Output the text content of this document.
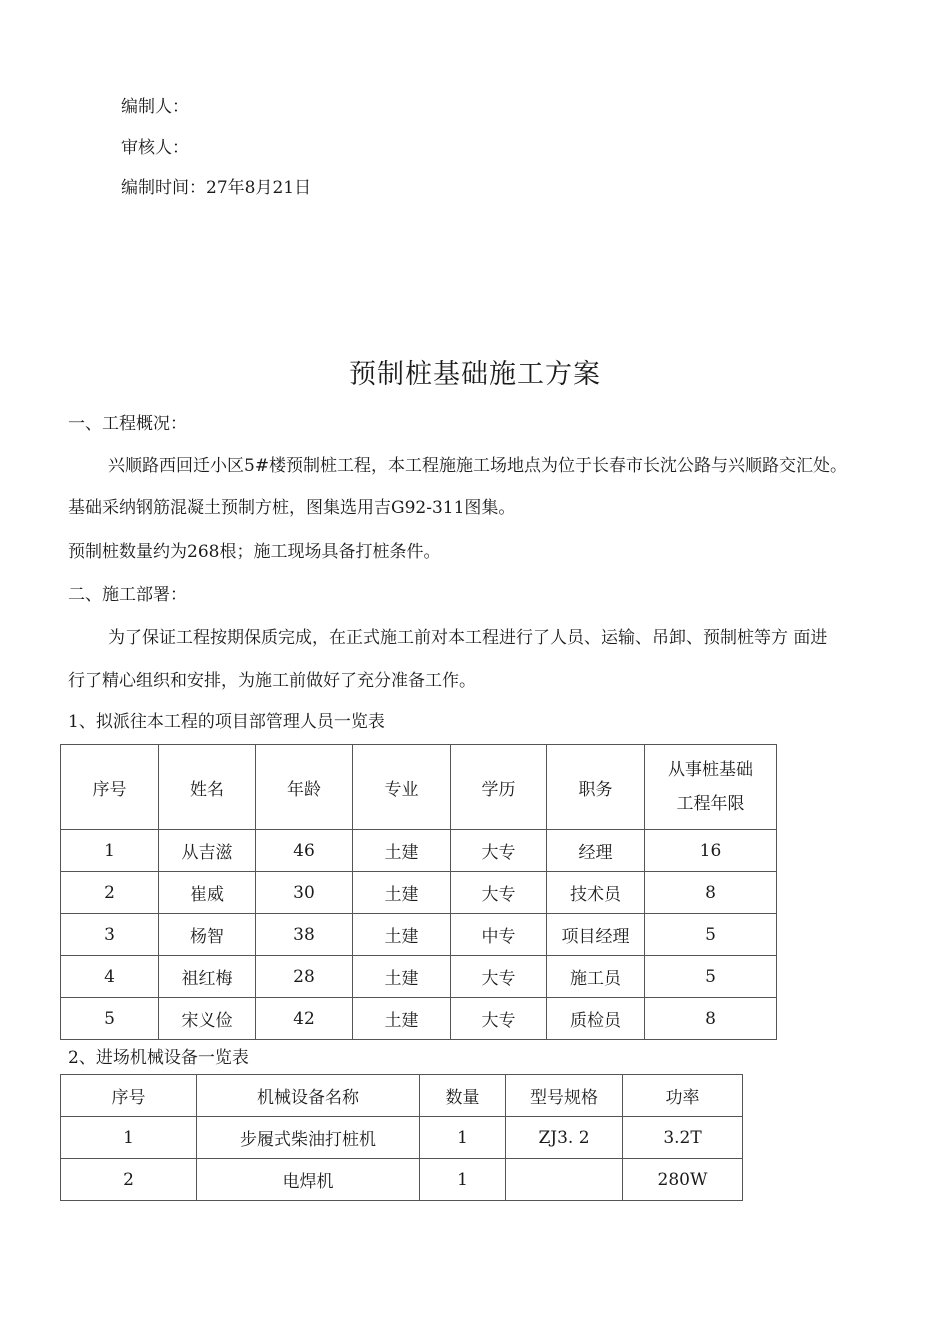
编制人：
审核人：
编制时间：27年8月21日
预制桩基础施工方案
一、工程概况：
兴顺路西回迁小区5#楼预制桩工程，本工程施施工场地点为位于长春市长沈公路与兴顺路交汇处。
基础采纳钢筋混凝土预制方桩，图集选用吉G92-311图集。
预制桩数量约为268根；施工现场具备打桩条件。
二、施工部署：
为了保证工程按期保质完成，在正式施工前对本工程进行了人员、运输、吊卸、预制桩等方 面进
行了精心组织和安排，为施工前做好了充分准备工作。
1、拟派往本工程的项目部管理人员一览表
序号	姓名	年龄	专业	学历	职务	从事桩基础
工程年限

1	从吉滋	46	土建	大专	经理	16
2	崔威	30	土建	大专	技术员	8
3	杨智	38	土建	中专	项目经理	5
4	祖红梅	28	土建	大专	施工员	5
5	宋义俭	42	土建	大专	质检员	8
2、进场机械设备一览表
序号	机械设备名称	数量	型号规格	功率
1	步履式柴油打桩机	1	ZJ3. 2	3.2T
2	电焊机	1		280W
